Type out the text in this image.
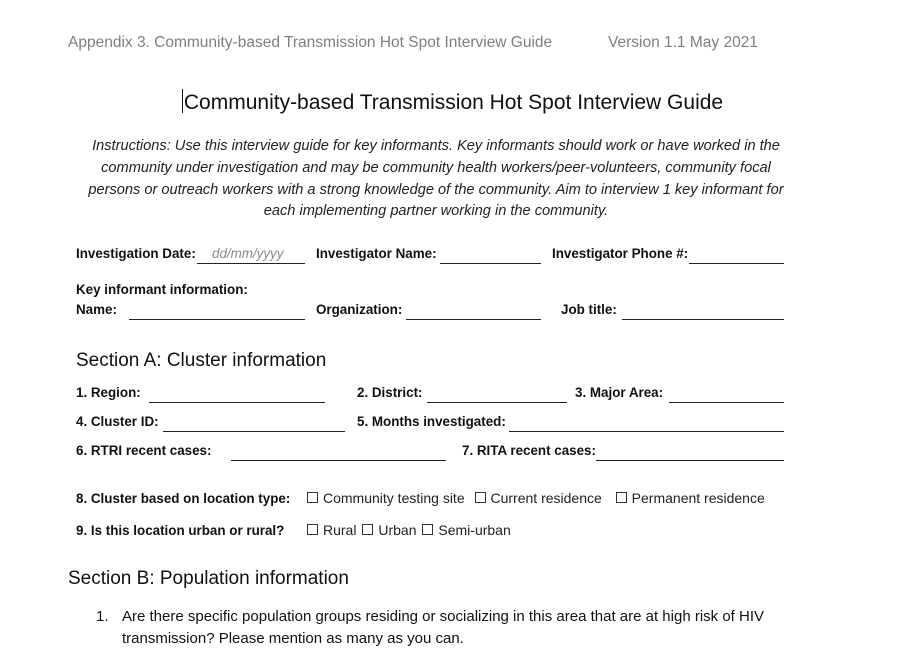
Appendix 3. Community-based Transmission Hot Spot Interview Guide	Version 1.1 May 2021
Community-based Transmission Hot Spot Interview Guide
Instructions: Use this interview guide for key informants. Key informants should work or have worked in the
community under investigation and may be community health workers/peer-volunteers, community focal
persons or outreach workers with a strong knowledge of the community. Aim to interview 1 key informant for
each implementing partner working in the community.
Investigation Date: dd/mm/yyyy Investigator Name:	Investigator Phone #:
Key informant information:
Name:	Organization:	Job title:
Section A: Cluster information
1. Region:	2. District:	3. Major Area:
4. Cluster ID:	5. Months investigated:
6. RTRI recent cases:	7. RITA recent cases:
8. Cluster based on location type:	Community testing site Current residence Permanent residence
9. Is this location urban or rural?	Rural Urban Semi-urban
Section B: Population information
1. Are there specific population groups residing or socializing in this area that are at high risk of HIV
transmission? Please mention as many as you can.
